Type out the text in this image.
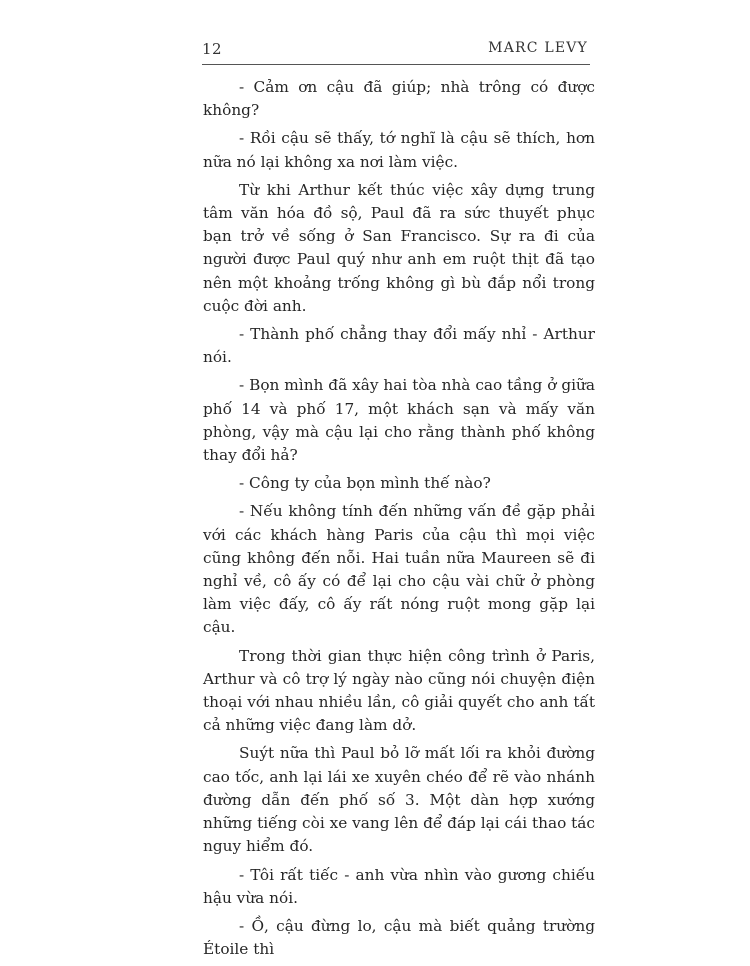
12	MARC LEVY

- Cảm ơn cậu đã giúp; nhà trông có được không?

- Rồi cậu sẽ thấy, tớ nghĩ là cậu sẽ thích, hơn nữa nó lại không xa nơi làm việc.

Từ khi Arthur kết thúc việc xây dựng trung tâm văn hóa đồ sộ, Paul đã ra sức thuyết phục bạn trở về sống ở San Francisco. Sự ra đi của người được Paul quý như anh em ruột thịt đã tạo nên một khoảng trống không gì bù đắp nổi trong cuộc đời anh.

- Thành phố chẳng thay đổi mấy nhỉ - Arthur nói.

- Bọn mình đã xây hai tòa nhà cao tầng ở giữa phố 14 và phố 17, một khách sạn và mấy văn phòng, vậy mà cậu lại cho rằng thành phố không thay đổi hả?

- Công ty của bọn mình thế nào?

- Nếu không tính đến những vấn đề gặp phải với các khách hàng Paris của cậu thì mọi việc cũng không đến nỗi. Hai tuần nữa Maureen sẽ đi nghỉ về, cô ấy có để lại cho cậu vài chữ ở phòng làm việc đấy, cô ấy rất nóng ruột mong gặp lại cậu.

Trong thời gian thực hiện công trình ở Paris, Arthur và cô trợ lý ngày nào cũng nói chuyện điện thoại với nhau nhiều lần, cô giải quyết cho anh tất cả những việc đang làm dở.

Suýt nữa thì Paul bỏ lỡ mất lối ra khỏi đường cao tốc, anh lại lái xe xuyên chéo để rẽ vào nhánh đường dẫn đến phố số 3. Một dàn hợp xướng những tiếng còi xe vang lên để đáp lại cái thao tác nguy hiểm đó.

- Tôi rất tiếc - anh vừa nhìn vào gương chiếu hậu vừa nói.

- Ồ, cậu đừng lo, cậu mà biết quảng trường Étoile thì
